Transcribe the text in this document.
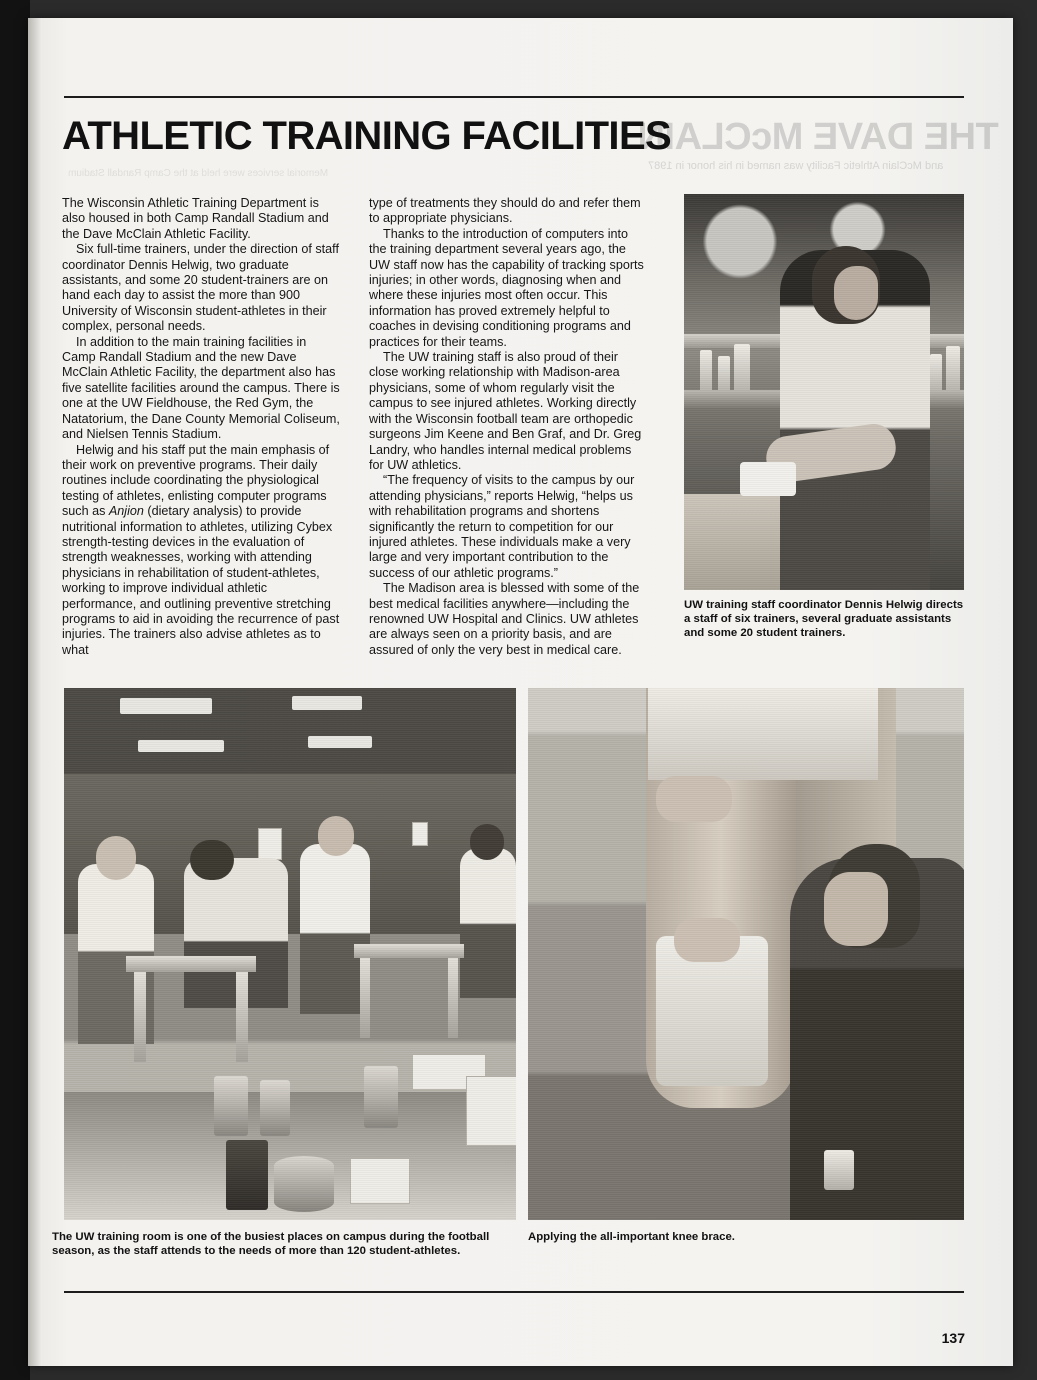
THE DAVE McCLAIN
and McClain Athletic Facility was named in his honor in 1987
Memorial services were held at the Camp Randall Stadium
ATHLETIC TRAINING FACILITIES

The Wisconsin Athletic Training Department is also housed in both Camp Randall Stadium and the Dave McClain Athletic Facility.

Six full-time trainers, under the direction of staff coordinator Dennis Helwig, two graduate assistants, and some 20 student-trainers are on hand each day to assist the more than 900 University of Wisconsin student-athletes in their complex, personal needs.

In addition to the main training facilities in Camp Randall Stadium and the new Dave McClain Athletic Facility, the department also has five satellite facilities around the campus. There is one at the UW Fieldhouse, the Red Gym, the Natatorium, the Dane County Memorial Coliseum, and Nielsen Tennis Stadium.

Helwig and his staff put the main emphasis of their work on preventive programs. Their daily routines include coordinating the physiological testing of athletes, enlisting computer programs such as Anjion (dietary analysis) to provide nutritional information to athletes, utilizing Cybex strength-testing devices in the evaluation of strength weaknesses, working with attending physicians in rehabilitation of student-athletes, working to improve individual athletic performance, and outlining preventive stretching programs to aid in avoiding the recurrence of past injuries. The trainers also advise athletes as to what

type of treatments they should do and refer them to appropriate physicians.

Thanks to the introduction of computers into the training department several years ago, the UW staff now has the capability of tracking sports injuries; in other words, diagnosing when and where these injuries most often occur. This information has proved extremely helpful to coaches in devising conditioning programs and practices for their teams.

The UW training staff is also proud of their close working relationship with Madison-area physicians, some of whom regularly visit the campus to see injured athletes. Working directly with the Wisconsin football team are orthopedic surgeons Jim Keene and Ben Graf, and Dr. Greg Landry, who handles internal medical problems for UW athletics.

“The frequency of visits to the campus by our attending physicians,” reports Helwig, “helps us with rehabilitation programs and shortens significantly the return to competition for our injured athletes. These individuals make a very large and very important contribution to the success of our athletic programs.”

The Madison area is blessed with some of the best medical facilities anywhere—including the renowned UW Hospital and Clinics. UW athletes are always seen on a priority basis, and are assured of only the very best in medical care.

UW training staff coordinator Dennis Helwig directs a staff of six trainers, several graduate assistants and some 20 student trainers.
The UW training room is one of the busiest places on campus during the football season, as the staff attends to the needs of more than 120 student-athletes.
Applying the all-important knee brace.
137
